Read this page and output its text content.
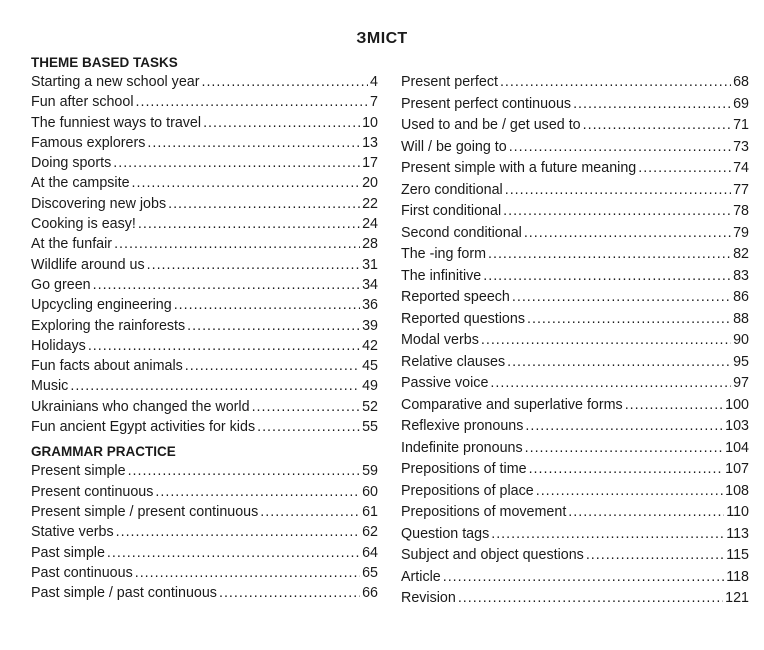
ЗМІСТ
THEME BASED TASKS
Starting a new school year .....	4
Fun after school .....	7
The funniest ways to travel .....	10
Famous explorers .....	13
Doing sports .....	17
At the campsite .....	20
Discovering new jobs .....	22
Cooking is easy! .....	24
At the funfair .....	28
Wildlife around us .....	31
Go green .....	34
Upcycling engineering .....	36
Exploring the rainforests .....	39
Holidays .....	42
Fun facts about animals .....	45
Music .....	49
Ukrainians who changed the world .....	52
Fun ancient Egypt activities for kids .....	55
GRAMMAR PRACTICE
Present simple .....	59
Present continuous .....	60
Present simple / present continuous .....	61
Stative verbs .....	62
Past simple .....	64
Past continuous .....	65
Past simple / past continuous .....	66
Present perfect .....	68
Present perfect continuous .....	69
Used to and be / get used to .....	71
Will / be going to .....	73
Present simple with a future meaning .....	74
Zero conditional .....	77
First conditional .....	78
Second conditional .....	79
The -ing form .....	82
The infinitive .....	83
Reported speech .....	86
Reported questions .....	88
Modal verbs .....	90
Relative clauses .....	95
Passive voice .....	97
Comparative and superlative forms .....	100
Reflexive pronouns .....	103
Indefinite pronouns .....	104
Prepositions of time .....	107
Prepositions of place .....	108
Prepositions of movement .....	110
Question tags .....	113
Subject and object questions .....	115
Article .....	118
Revision .....	121
